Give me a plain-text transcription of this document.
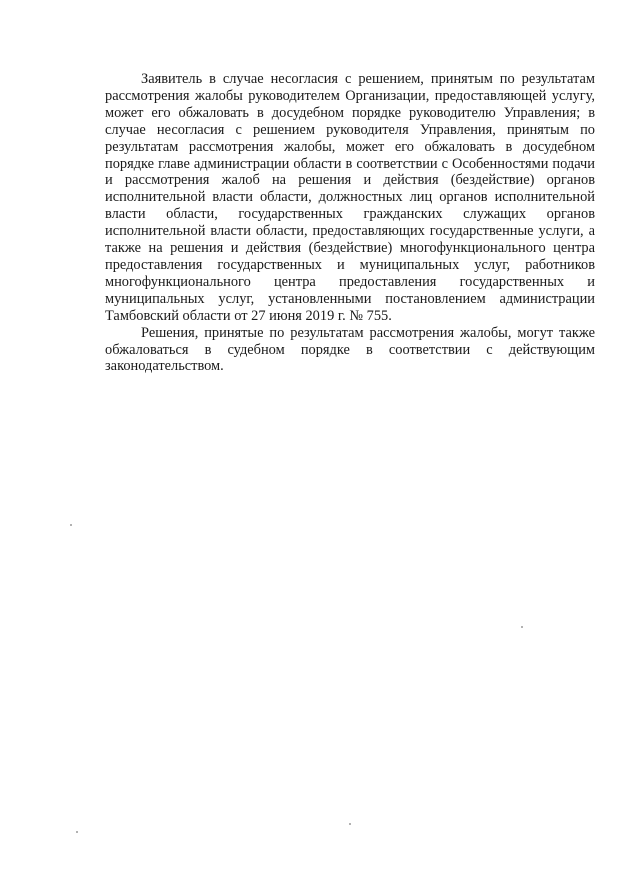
Заявитель в случае несогласия с решением, принятым по результатам рассмотрения жалобы руководителем Организации, предоставляющей услугу, может его обжаловать в досудебном порядке руководителю Управления; в случае несогласия с решением руководителя Управления, принятым по результатам рассмотрения жалобы, может его обжаловать в досудебном порядке главе администрации области в соответствии с Особенностями подачи и рассмотрения жалоб на решения и действия (бездействие) органов исполнительной власти области, должностных лиц органов исполнительной власти области, государственных гражданских служащих органов исполнительной власти области, предоставляющих государственные услуги, а также на решения и действия (бездействие) многофункционального центра предоставления государственных и муниципальных услуг, работников многофункционального центра предоставления государственных и муниципальных услуг, установленными постановлением администрации Тамбовский области от 27 июня 2019 г. № 755.

Решения, принятые по результатам рассмотрения жалобы, могут также обжаловаться в судебном порядке в соответствии с действующим законодательством.
